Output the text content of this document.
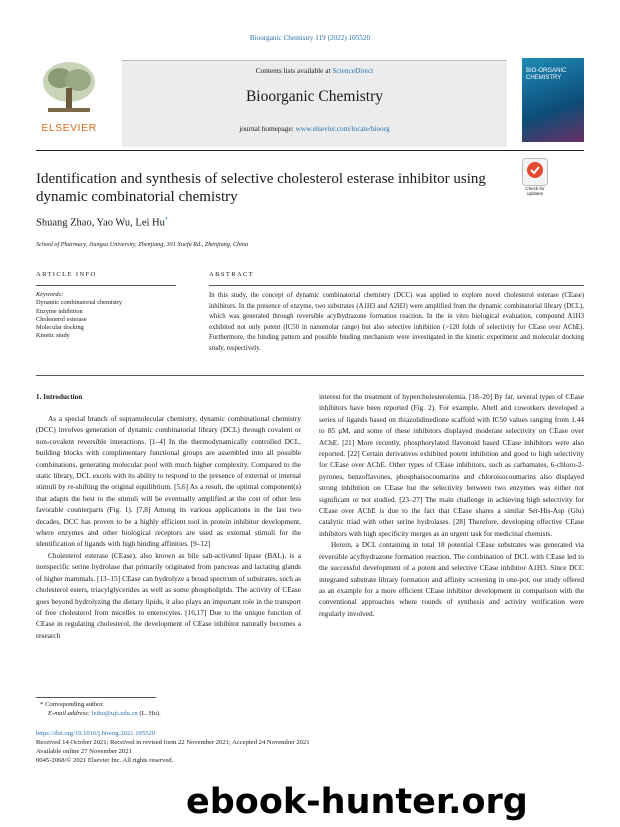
Bioorganic Chemistry 119 (2022) 105520
ELSEVIER
Contents lists available at ScienceDirect
Bioorganic Chemistry
journal homepage: www.elsevier.com/locate/bioorg
BIO-ORGANIC CHEMISTRY
Identification and synthesis of selective cholesterol esterase inhibitor using dynamic combinatorial chemistry
Check for updates
Shuang Zhao, Yao Wu, Lei Hu*
School of Pharmacy, Jiangsu University, Zhenjiang, 301 Xuefu Rd., Zhenjiang, China
ARTICLE INFO	ABSTRACT
Keywords:
Dynamic combinatorial chemistry
Enzyme inhibition
Cholesterol esterase
Molecular docking
Kinetic study
In this study, the concept of dynamic combinatorial chemistry (DCC) was applied to explore novel cholesterol esterase (CEase) inhibitors. In the presence of enzyme, two substrates (A1H3 and A2H3) were amplified from the dynamic combinatorial library (DCL), which was generated through reversible acylhydrazone formation reaction. In the in vitro biological evaluation, compound A1H3 exhibited not only potent (IC50 in nanomolar range) but also selective inhibition (>120 folds of selectivity for CEase over AChE). Furthermore, the binding pattern and possible binding mechanism were investigated in the kinetic experiment and molecular docking study, respectively.
1. Introduction

As a special branch of supramolecular chemistry, dynamic combinational chemistry (DCC) involves generation of dynamic combinatorial library (DCL) through covalent or non-covalent reversible interactions. [1–4] In the thermodynamically controlled DCL, building blocks with complimentary functional groups are assembled into all possible combinations, generating molecular pool with much higher complexity. Compared to the static library, DCL excels with its ability to respond to the presence of external or internal stimuli by re-shifting the original equilibrium. [5,6] As a result, the optimal component(s) that adapts the best to the stimuli will be eventually amplified at the cost of other less favorable counterparts (Fig. 1). [7,8] Among its various applications in the last two decades, DCC has proven to be a highly efficient tool in protein inhibitor development, where enzymes and other biological receptors are used as external stimuli for the identification of ligands with high binding affinities. [9–12]

Cholesterol esterase (CEase), also known as bile salt-activated lipase (BAL), is a nonspecific serine hydrolase that primarily originated from pancreas and lactating glands of higher mammals. [13–15] CEase can hydrolyze a broad spectrum of substrates, such as cholesterol esters, triacylglycerides as well as some phospholipids. The activity of CEase goes beyond hydrolyzing the dietary lipids, it also plays an important role in the transport of free cholesterol from micelles to enterocytes. [16,17] Due to the unique function of CEase in regulating cholesterol, the development of CEase inhibitor naturally becomes a research

interest for the treatment of hypercholesterolemia. [18–20] By far, several types of CEase inhibitors have been reported (Fig. 2). For example, Abell and coworkers developed a series of ligands based on thiazolidinedione scaffold with IC50 values ranging from 1.44 to 85 μM, and some of these inhibitors displayed moderate selectivity on CEase over AChE. [21] More recently, phosphorylated flavonoid based CEase inhibitors were also reported. [22] Certain derivatives exhibited potent inhibition and good to high selectivity for CEase over AChE. Other types of CEase inhibitors, such as carbamates, 6-chloro-2-pyrones, benzoflavones, phosphaisocoumarins and chloroisocoumarins also displayed strong inhibition on CEase but the selectivity between two enzymes was either not significant or not studied. [23–27] The main challenge in achieving high selectivity for CEase over AChE is due to the fact that CEase shares a similar Ser-His-Asp (Glu) catalytic triad with other serine hydrolases. [28] Therefore, developing effective CEase inhibitors with high specificity merges as an urgent task for medicinal chemists.

Herein, a DCL containing in total 18 potential CEase substrates was generated via reversible acylhydrazone formation reaction. The combination of DCL with CEase led to the successful development of a potent and selective CEase inhibitor A1H3. Since DCC integrated substrate library formation and affinity screening in one-pot, our study offered as an example for a more efficient CEase inhibitor development in comparison with the conventional approaches where rounds of synthesis and activity verification were regularly involved.

* Corresponding author.
E-mail address: leihu@ujs.edu.cn (L. Hu).
https://doi.org/10.1016/j.bioorg.2021.105520
Received 14 October 2021; Received in revised form 22 November 2021; Accepted 24 November 2021
Available online 27 November 2021
0045-2068/© 2021 Elsevier Inc. All rights reserved.
ebook-hunter.org
